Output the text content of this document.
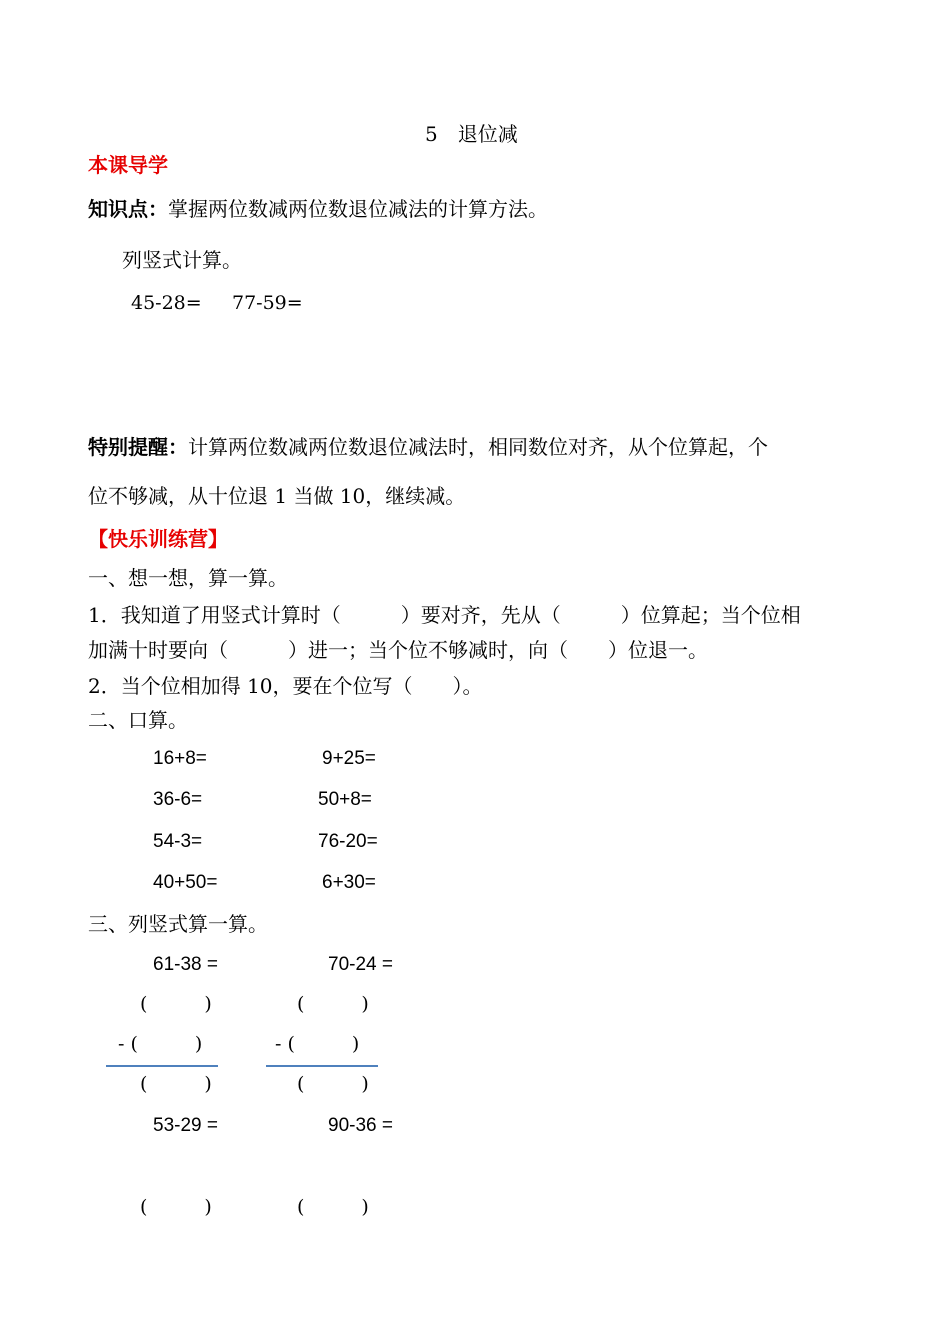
5　退位减
本课导学
知识点：掌握两位数减两位数退位减法的计算方法。
列竖式计算。
45-28= 77-59=
特别提醒：计算两位数减两位数退位减法时，相同数位对齐，从个位算起，个
位不够减，从十位退 1 当做 10，继续减。
【快乐训练营】
一、想一想，算一算。
1．我知道了用竖式计算时（　　　）要对齐，先从（　　　）位算起；当个位相
加满十时要向（　　　）进一；当个位不够减时，向（　　）位退一。
2．当个位相加得 10，要在个位写（　　）。
二、口算。
16+8=	9+25=
36-6=	50+8=
54-3=	76-20=
40+50=	6+30=
三、列竖式算一算。
61-38 =	70-24 =
(　　　)	(　　　)
- (　　　)	- (　　　)
(　　　)	(　　　)
53-29 =	90-36 =
(　　　)	(　　　)
